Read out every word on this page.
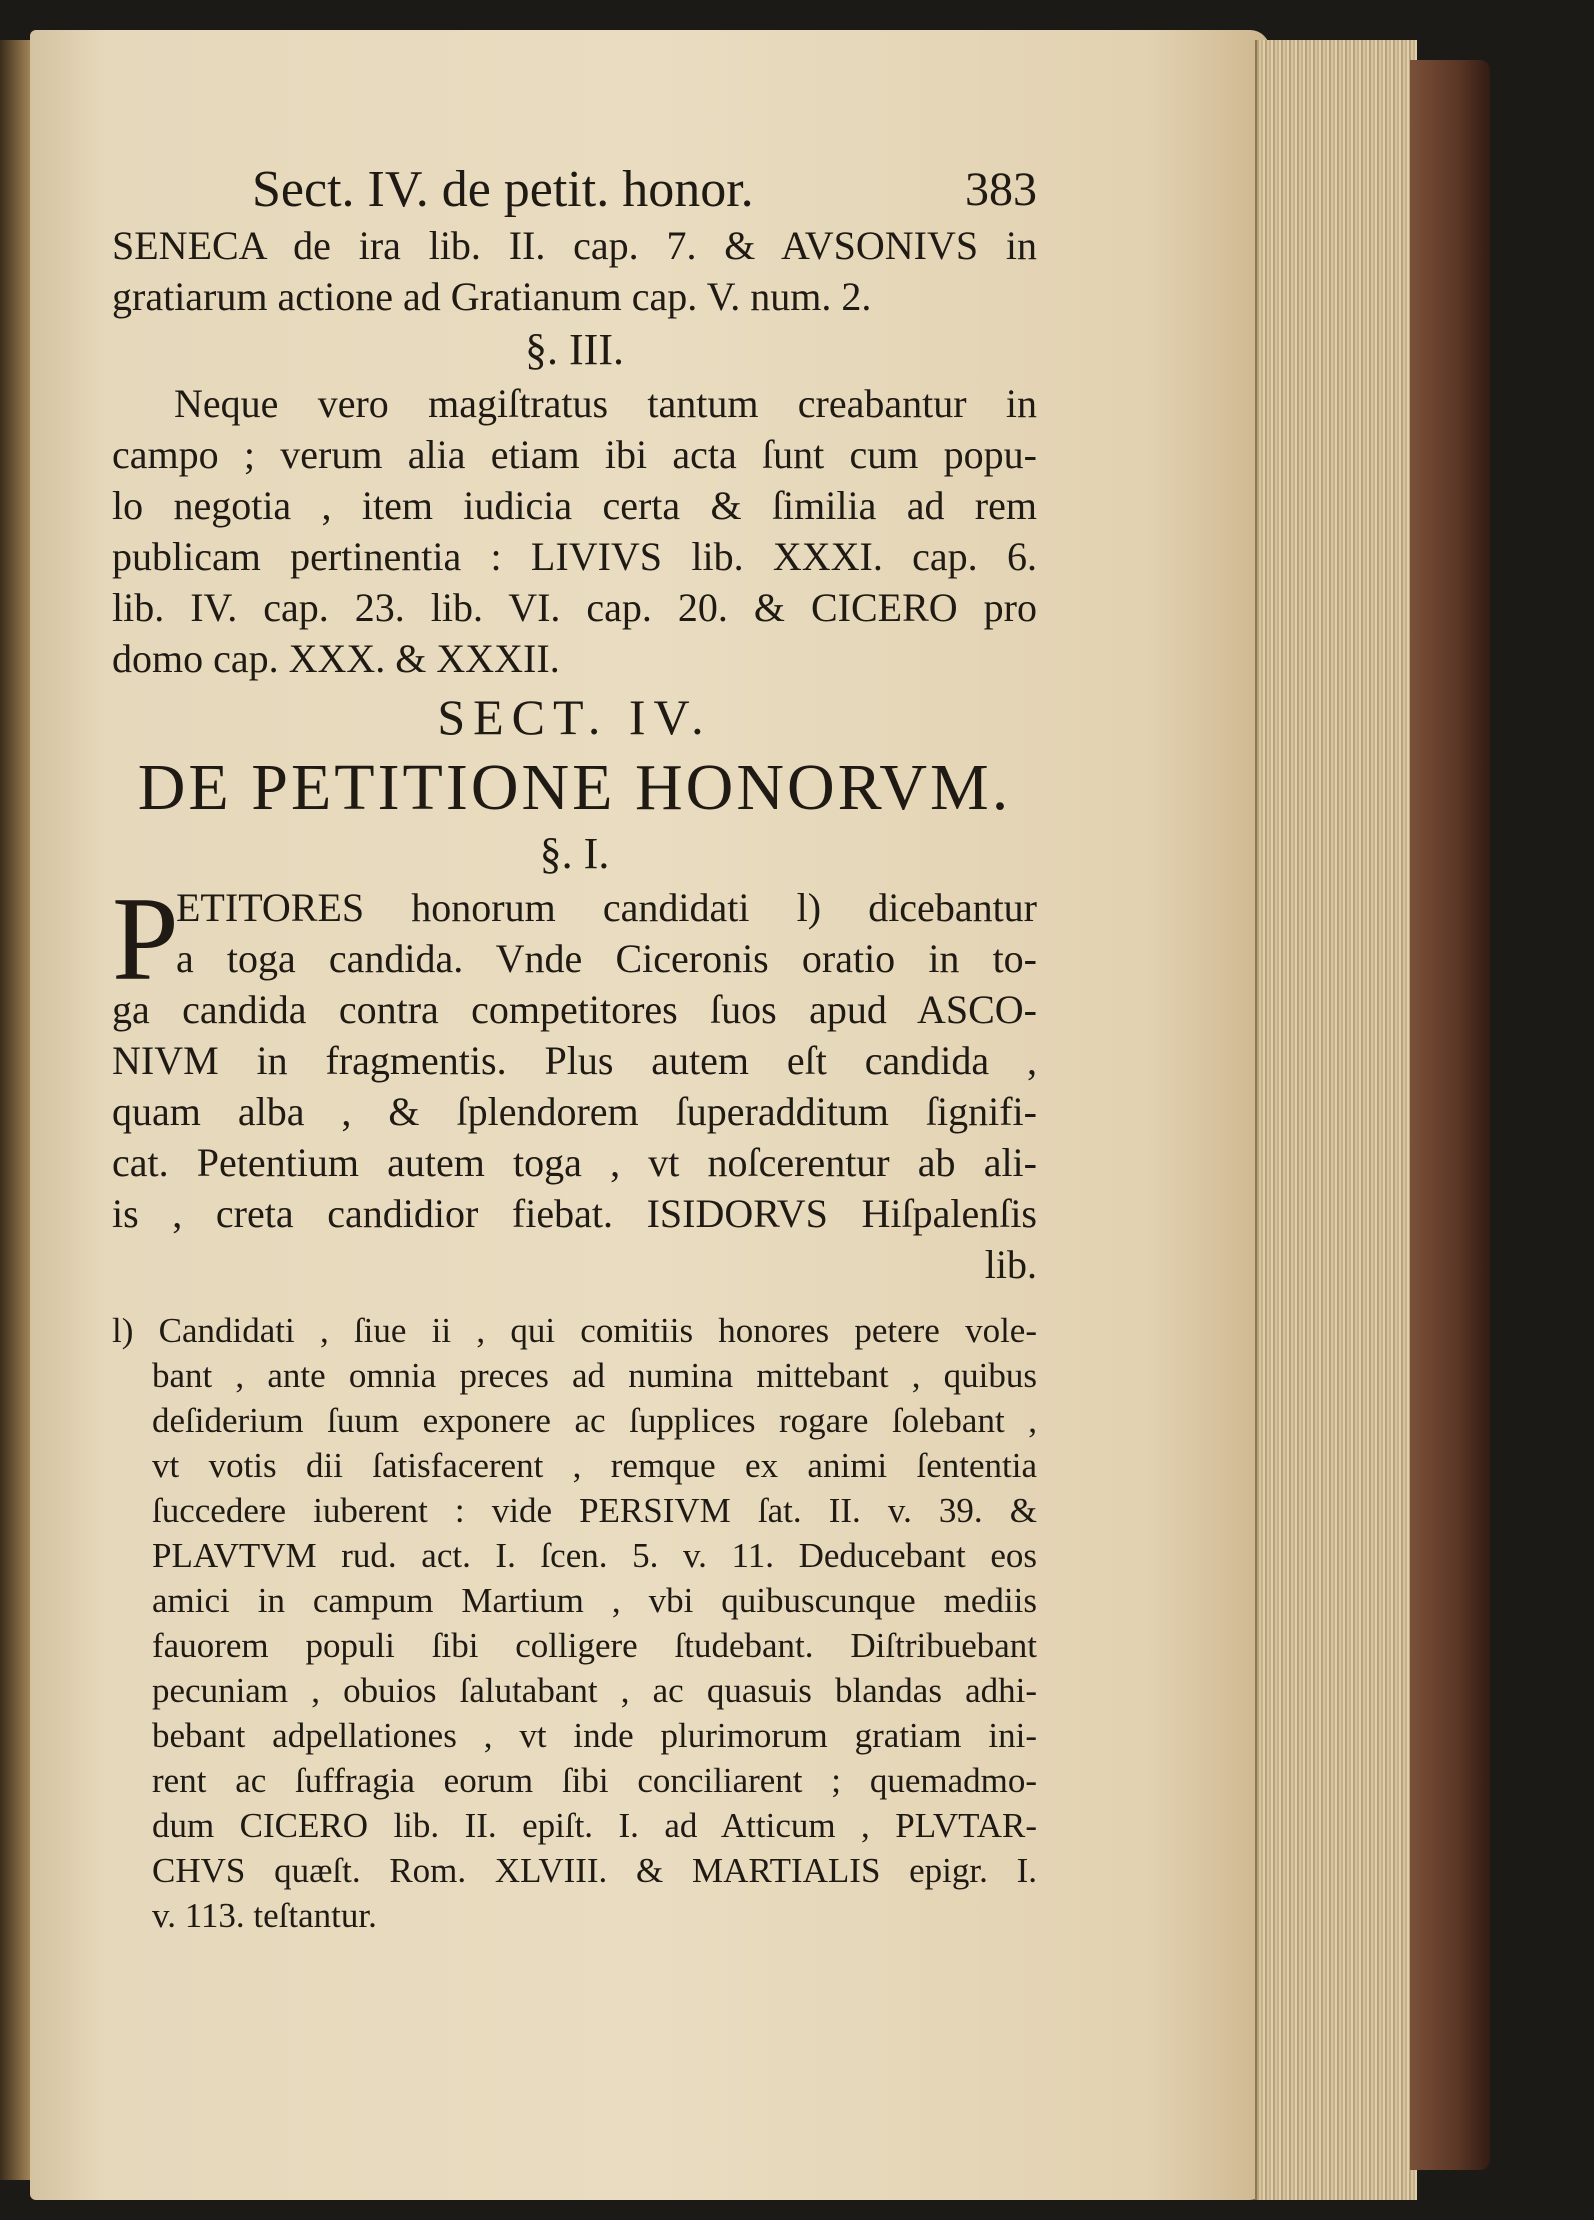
Sect. IV. de petit. honor.	383
SENECA de ira lib. II. cap. 7. & AVSONIVS in
gratiarum actione ad Gratianum cap. V. num. 2.
§. III.
Neque vero magiſtratus tantum creabantur in
campo ; verum alia etiam ibi acta ſunt cum popu-
lo negotia , item iudicia certa & ſimilia ad rem
publicam pertinentia : LIVIVS lib. XXXI. cap. 6.
lib. IV. cap. 23. lib. VI. cap. 20. & CICERO pro
domo cap. XXX. & XXXII.
SECT. IV.
DE PETITIONE HONORVM.
§. I.
P
ETITORES honorum candidati l) dicebantur
a toga candida. Vnde Ciceronis oratio in to-
ga candida contra competitores ſuos apud ASCO-
NIVM in fragmentis. Plus autem eſt candida ,
quam alba , & ſplendorem ſuperadditum ſignifi-
cat. Petentium autem toga , vt noſcerentur ab ali-
is , creta candidior fiebat. ISIDORVS Hiſpalenſis
lib.
l) Candidati , ſiue ii , qui comitiis honores petere vole-
bant , ante omnia preces ad numina mittebant , quibus
deſiderium ſuum exponere ac ſupplices rogare ſolebant ,
vt votis dii ſatisfacerent , remque ex animi ſententia
ſuccedere iuberent : vide PERSIVM ſat. II. v. 39. &
PLAVTVM rud. act. I. ſcen. 5. v. 11. Deducebant eos
amici in campum Martium , vbi quibuscunque mediis
fauorem populi ſibi colligere ſtudebant. Diſtribuebant
pecuniam , obuios ſalutabant , ac quasuis blandas adhi-
bebant adpellationes , vt inde plurimorum gratiam ini-
rent ac ſuffragia eorum ſibi conciliarent ; quemadmo-
dum CICERO lib. II. epiſt. I. ad Atticum , PLVTAR-
CHVS quæſt. Rom. XLVIII. & MARTIALIS epigr. I.
v. 113. teſtantur.
